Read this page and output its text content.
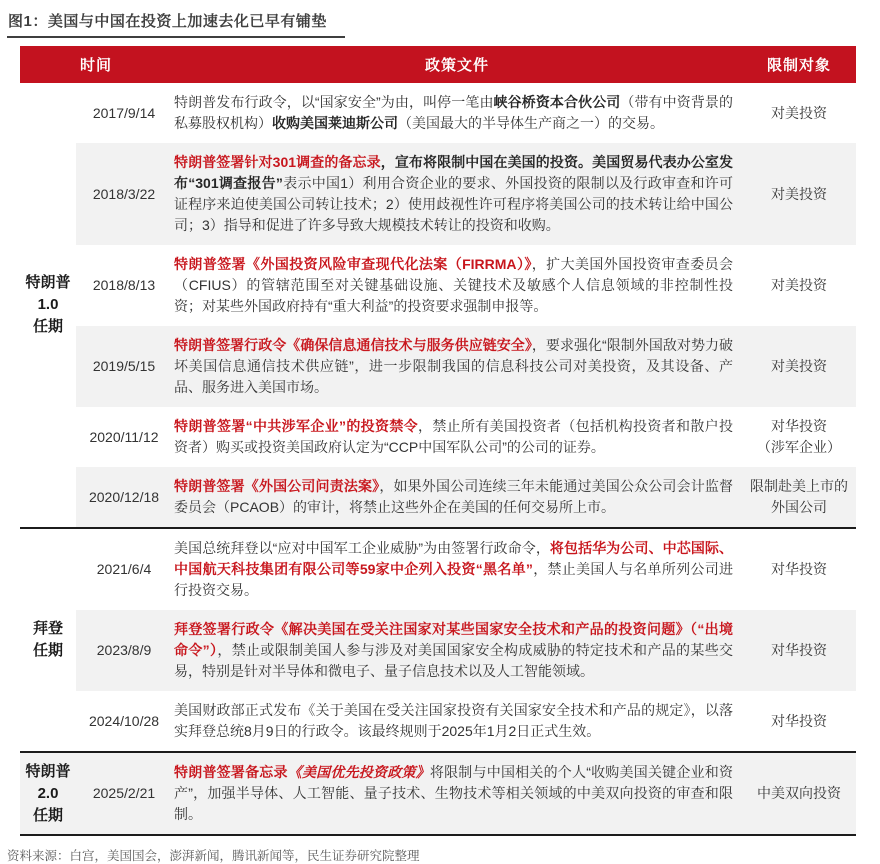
图1：美国与中国在投资上加速去化已早有铺垫
时间		政策文件	限制对象
特朗普
1.0
任期	2017/9/14	特朗普发布行政令，以“国家安全”为由，叫停一笔由峡谷桥资本合伙公司（带有中资背景的私募股权机构）收购美国莱迪斯公司（美国最大的半导体生产商之一）的交易。	对美投资
	2018/3/22	特朗普签署针对301调查的备忘录，宣布将限制中国在美国的投资。美国贸易代表办公室发布“301调查报告”表示中国1）利用合资企业的要求、外国投资的限制以及行政审查和许可证程序来迫使美国公司转让技术；2）使用歧视性许可程序将美国公司的技术转让给中国公司；3）指导和促进了许多导致大规模技术转让的投资和收购。	对美投资
	2018/8/13	特朗普签署《外国投资风险审查现代化法案（FIRRMA）》，扩大美国外国投资审查委员会（CFIUS）的管辖范围至对关键基础设施、关键技术及敏感个人信息领域的非控制性投资；对某些外国政府持有“重大利益”的投资要求强制申报等。	对美投资
	2019/5/15	特朗普签署行政令《确保信息通信技术与服务供应链安全》，要求强化“限制外国敌对势力破坏美国信息通信技术供应链”，进一步限制我国的信息科技公司对美投资，及其设备、产品、服务进入美国市场。	对美投资
	2020/11/12	特朗普签署“中共涉军企业”的投资禁令，禁止所有美国投资者（包括机构投资者和散户投资者）购买或投资美国政府认定为“CCP中国军队公司”的公司的证券。	对华投资
（涉军企业）
	2020/12/18	特朗普签署《外国公司问责法案》，如果外国公司连续三年未能通过美国公众公司会计监督委员会（PCAOB）的审计，将禁止这些外企在美国的任何交易所上市。	限制赴美上市的
外国公司
拜登
任期	2021/6/4	美国总统拜登以“应对中国军工企业威胁”为由签署行政命令，将包括华为公司、中芯国际、中国航天科技集团有限公司等59家中企列入投资“黑名单”，禁止美国人与名单所列公司进行投资交易。	对华投资
	2023/8/9	拜登签署行政令《解决美国在受关注国家对某些国家安全技术和产品的投资问题》（“出境命令”），禁止或限制美国人参与涉及对美国国家安全构成威胁的特定技术和产品的某些交易，特别是针对半导体和微电子、量子信息技术以及人工智能领域。	对华投资
	2024/10/28	美国财政部正式发布《关于美国在受关注国家投资有关国家安全技术和产品的规定》，以落实拜登总统8月9日的行政令。该最终规则于2025年1月2日正式生效。	对华投资
特朗普
2.0
任期	2025/2/21	特朗普签署备忘录《美国优先投资政策》将限制与中国相关的个人“收购美国关键企业和资产”，加强半导体、人工智能、量子技术、生物技术等相关领域的中美双向投资的审查和限制。	中美双向投资
资料来源：白宫，美国国会，澎湃新闻，腾讯新闻等，民生证券研究院整理
